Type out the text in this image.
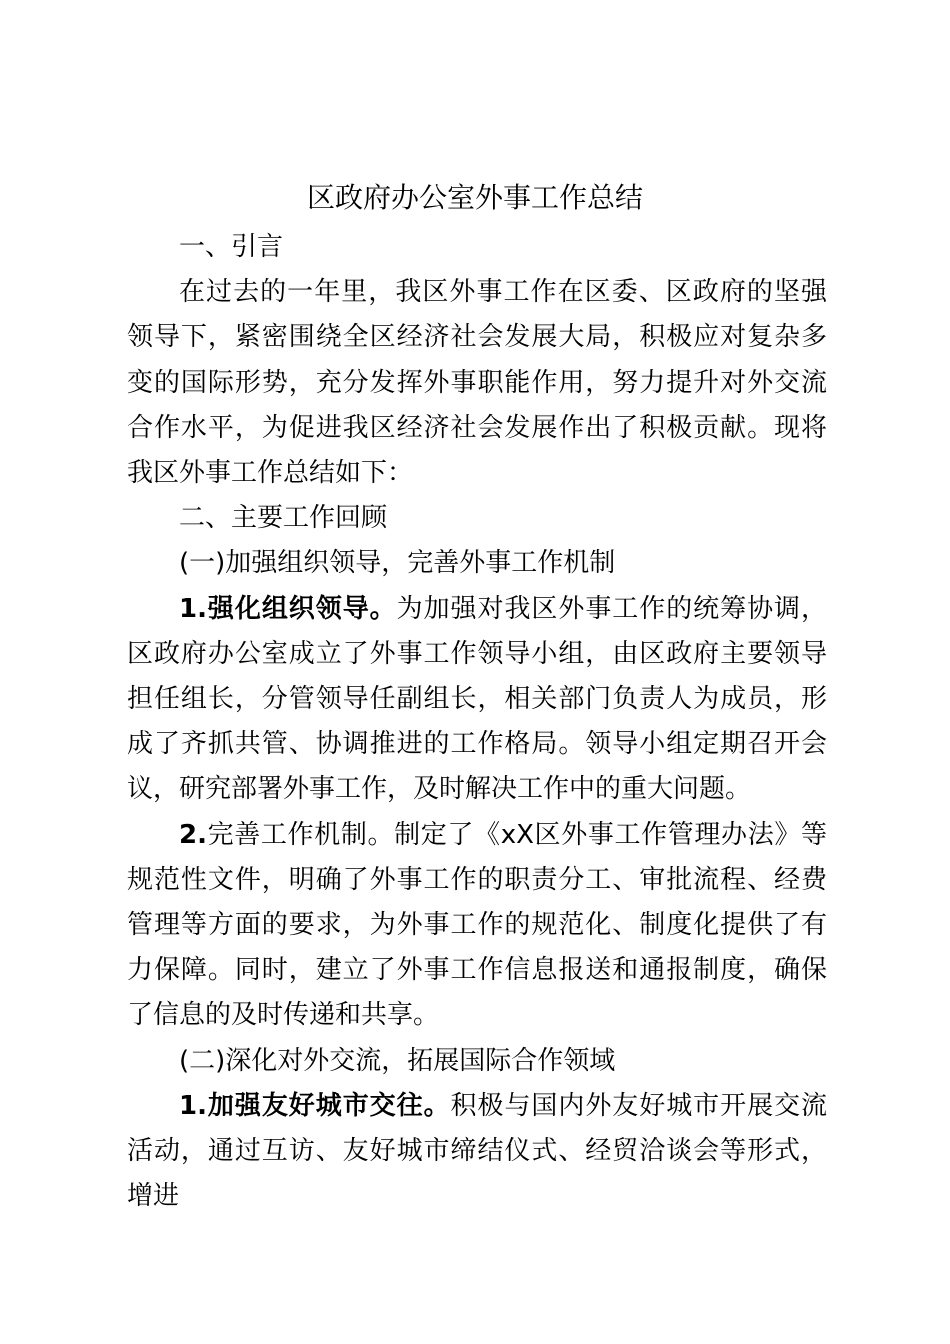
区政府办公室外事工作总结

一、引言

在过去的一年里，我区外事工作在区委、区政府的坚强领导下，紧密围绕全区经济社会发展大局，积极应对复杂多变的国际形势，充分发挥外事职能作用，努力提升对外交流合作水平，为促进我区经济社会发展作出了积极贡献。现将我区外事工作总结如下：

二、主要工作回顾

(一)加强组织领导，完善外事工作机制

1.强化组织领导。为加强对我区外事工作的统筹协调，区政府办公室成立了外事工作领导小组，由区政府主要领导担任组长，分管领导任副组长，相关部门负责人为成员，形成了齐抓共管、协调推进的工作格局。领导小组定期召开会议，研究部署外事工作，及时解决工作中的重大问题。

2.完善工作机制。制定了《xX区外事工作管理办法》等规范性文件，明确了外事工作的职责分工、审批流程、经费管理等方面的要求，为外事工作的规范化、制度化提供了有力保障。同时，建立了外事工作信息报送和通报制度，确保了信息的及时传递和共享。

(二)深化对外交流，拓展国际合作领域

1.加强友好城市交往。积极与国内外友好城市开展交流活动，通过互访、友好城市缔结仪式、经贸洽谈会等形式，增进
